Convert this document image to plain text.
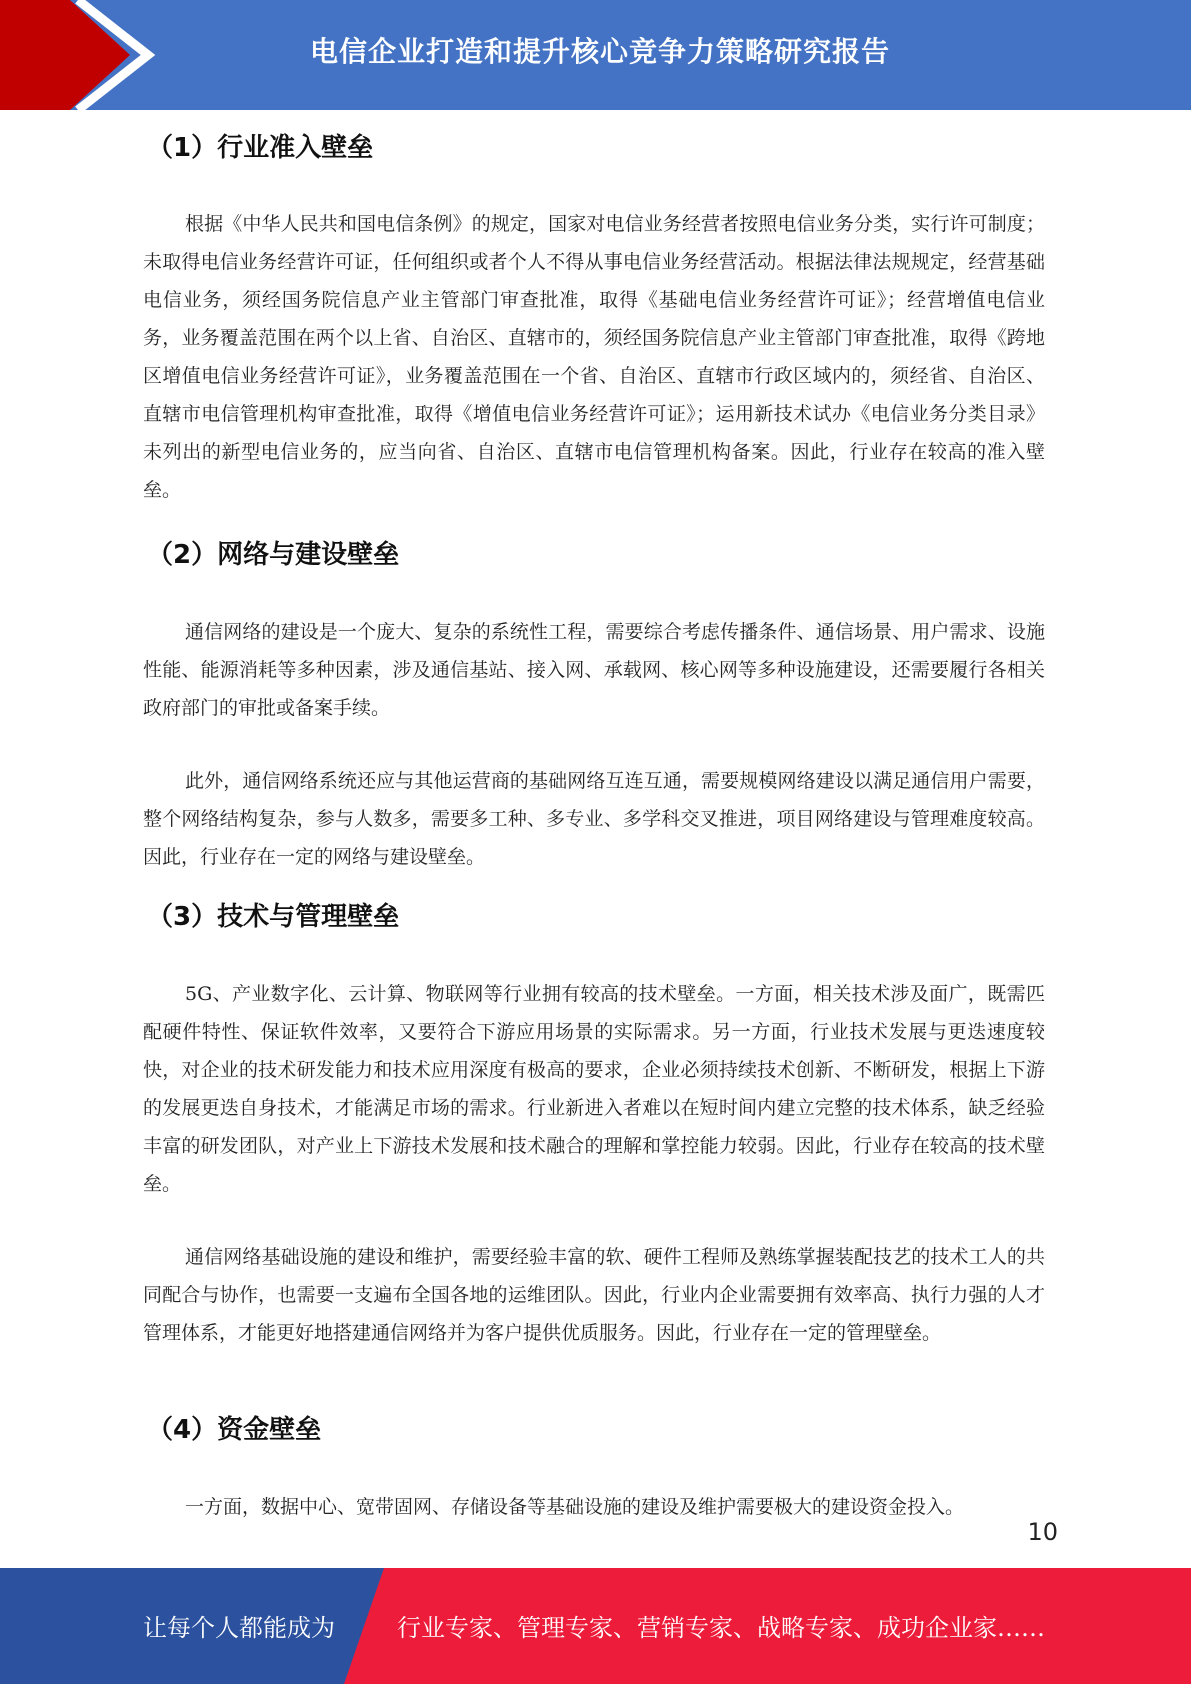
电信企业打造和提升核心竞争力策略研究报告
（1）行业准入壁垒

根据《中华人民共和国电信条例》的规定，国家对电信业务经营者按照电信业务分类，实行许可制度；未取得电信业务经营许可证，任何组织或者个人不得从事电信业务经营活动。根据法律法规规定，经营基础电信业务，须经国务院信息产业主管部门审查批准，取得《基础电信业务经营许可证》；经营增值电信业务，业务覆盖范围在两个以上省、自治区、直辖市的，须经国务院信息产业主管部门审查批准，取得《跨地区增值电信业务经营许可证》，业务覆盖范围在一个省、自治区、直辖市行政区域内的，须经省、自治区、直辖市电信管理机构审查批准，取得《增值电信业务经营许可证》；运用新技术试办《电信业务分类目录》未列出的新型电信业务的，应当向省、自治区、直辖市电信管理机构备案。因此，行业存在较高的准入壁垒。

（2）网络与建设壁垒

通信网络的建设是一个庞大、复杂的系统性工程，需要综合考虑传播条件、通信场景、用户需求、设施性能、能源消耗等多种因素，涉及通信基站、接入网、承载网、核心网等多种设施建设，还需要履行各相关政府部门的审批或备案手续。

此外，通信网络系统还应与其他运营商的基础网络互连互通，需要规模网络建设以满足通信用户需要，整个网络结构复杂，参与人数多，需要多工种、多专业、多学科交叉推进，项目网络建设与管理难度较高。因此，行业存在一定的网络与建设壁垒。

（3）技术与管理壁垒

5G、产业数字化、云计算、物联网等行业拥有较高的技术壁垒。一方面，相关技术涉及面广，既需匹配硬件特性、保证软件效率，又要符合下游应用场景的实际需求。另一方面，行业技术发展与更迭速度较快，对企业的技术研发能力和技术应用深度有极高的要求，企业必须持续技术创新、不断研发，根据上下游的发展更迭自身技术，才能满足市场的需求。行业新进入者难以在短时间内建立完整的技术体系，缺乏经验丰富的研发团队，对产业上下游技术发展和技术融合的理解和掌控能力较弱。因此，行业存在较高的技术壁垒。

通信网络基础设施的建设和维护，需要经验丰富的软、硬件工程师及熟练掌握装配技艺的技术工人的共同配合与协作，也需要一支遍布全国各地的运维团队。因此，行业内企业需要拥有效率高、执行力强的人才管理体系，才能更好地搭建通信网络并为客户提供优质服务。因此，行业存在一定的管理壁垒。

（4）资金壁垒

一方面，数据中心、宽带固网、存储设备等基础设施的建设及维护需要极大的建设资金投入。

10
让每个人都能成为	行业专家、管理专家、营销专家、战略专家、成功企业家……
